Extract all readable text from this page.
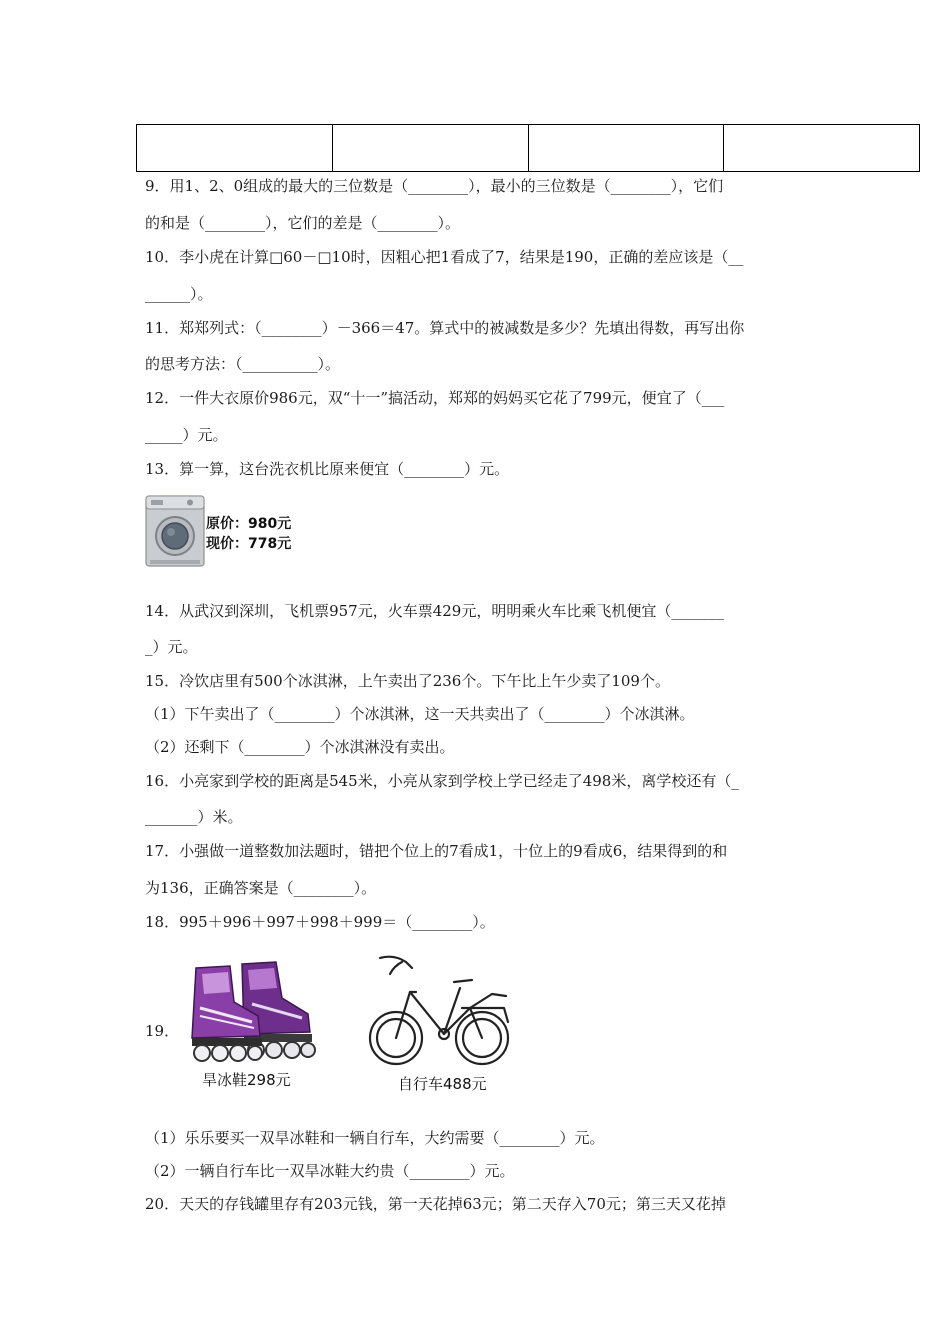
9．用1、2、0组成的最大的三位数是（________），最小的三位数是（________），它们
的和是（________），它们的差是（________）。
10．李小虎在计算□60－□10时，因粗心把1看成了7，结果是190，正确的差应该是（__
______）。
11．郑郑列式：（________）－366＝47。算式中的被减数是多少？先填出得数，再写出你
的思考方法：（__________）。
12．一件大衣原价986元，双“十一”搞活动，郑郑的妈妈买它花了799元，便宜了（___
_____）元。
13．算一算，这台洗衣机比原来便宜（________）元。
原价：980元
现价：778元
14．从武汉到深圳，飞机票957元，火车票429元，明明乘火车比乘飞机便宜（_______
_）元。
15．冷饮店里有500个冰淇淋，上午卖出了236个。下午比上午少卖了109个。
（1）下午卖出了（________）个冰淇淋，这一天共卖出了（________）个冰淇淋。
（2）还剩下（________）个冰淇淋没有卖出。
16．小亮家到学校的距离是545米，小亮从家到学校上学已经走了498米，离学校还有（_
_______）米。
17．小强做一道整数加法题时，错把个位上的7看成1，十位上的9看成6，结果得到的和
为136，正确答案是（________）。
18．995＋996＋997＋998＋999＝（________）。
19．
旱冰鞋298元	自行车488元
（1）乐乐要买一双旱冰鞋和一辆自行车，大约需要（________）元。
（2）一辆自行车比一双旱冰鞋大约贵（________）元。
20．天天的存钱罐里存有203元钱，第一天花掉63元；第二天存入70元；第三天又花掉
